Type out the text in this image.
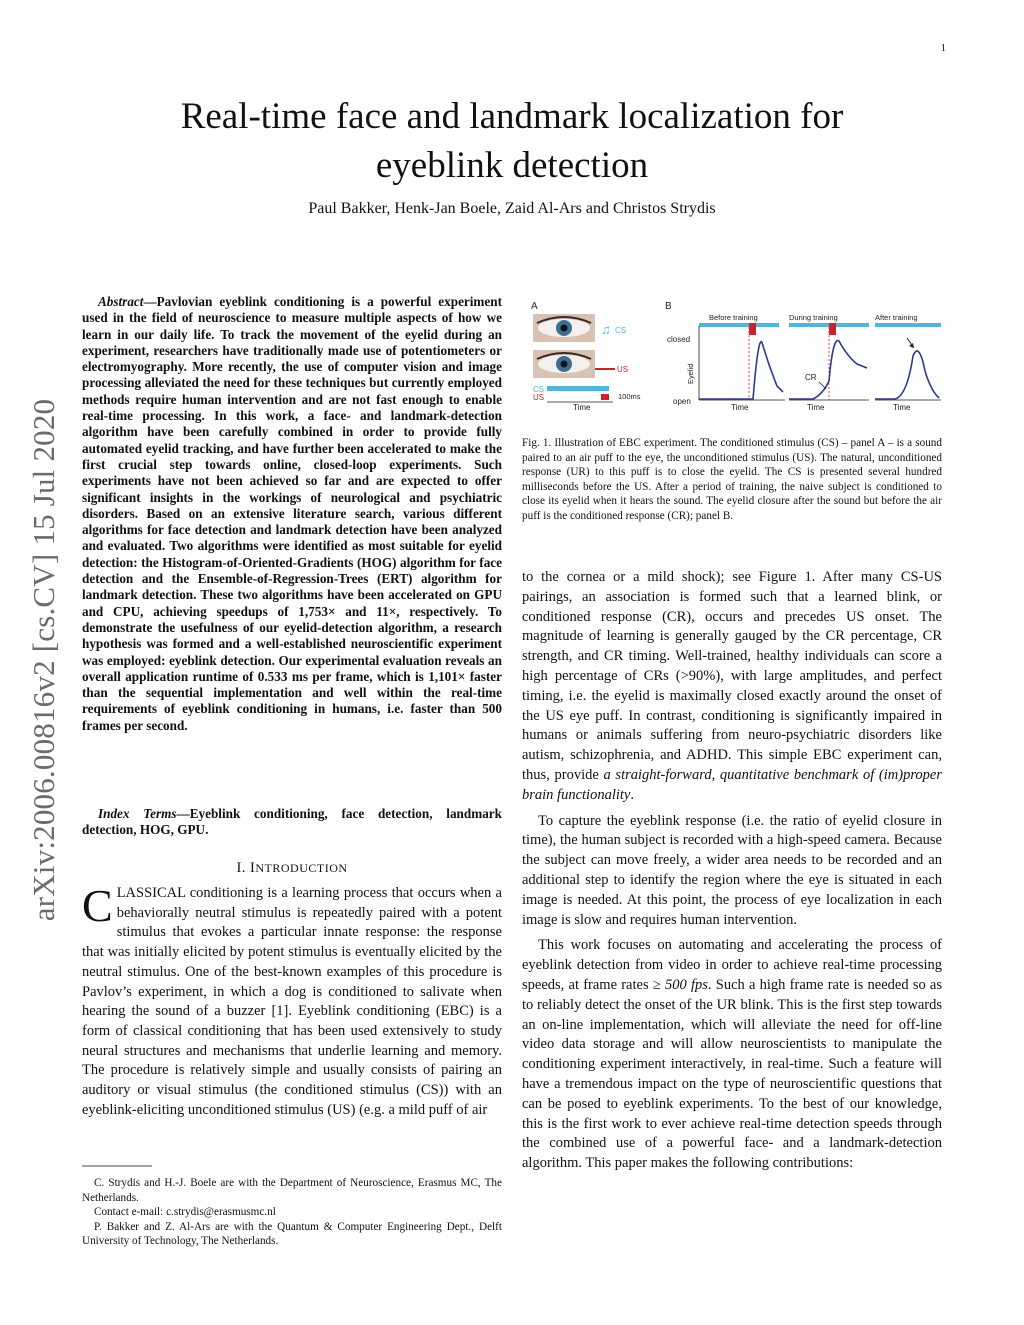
1
arXiv:2006.00816v2 [cs.CV] 15 Jul 2020
Real-time face and landmark localization for
eyeblink detection
Paul Bakker, Henk-Jan Boele, Zaid Al-Ars and Christos Strydis
Abstract—Pavlovian eyeblink conditioning is a powerful experiment used in the field of neuroscience to measure multiple aspects of how we learn in our daily life. To track the movement of the eyelid during an experiment, researchers have traditionally made use of potentiometers or electromyography. More recently, the use of computer vision and image processing alleviated the need for these techniques but currently employed methods require human intervention and are not fast enough to enable real-time processing. In this work, a face- and landmark-detection algorithm have been carefully combined in order to provide fully automated eyelid tracking, and have further been accelerated to make the first crucial step towards online, closed-loop experiments. Such experiments have not been achieved so far and are expected to offer significant insights in the workings of neurological and psychiatric disorders. Based on an extensive literature search, various different algorithms for face detection and landmark detection have been analyzed and evaluated. Two algorithms were identified as most suitable for eyelid detection: the Histogram-of-Oriented-Gradients (HOG) algorithm for face detection and the Ensemble-of-Regression-Trees (ERT) algorithm for landmark detection. These two algorithms have been accelerated on GPU and CPU, achieving speedups of 1,753× and 11×, respectively. To demonstrate the usefulness of our eyelid-detection algorithm, a research hypothesis was formed and a well-established neuroscientific experiment was employed: eyeblink detection. Our experimental evaluation reveals an overall application runtime of 0.533 ms per frame, which is 1,101× faster than the sequential implementation and well within the real-time requirements of eyeblink conditioning in humans, i.e. faster than 500 frames per second.
Index Terms—Eyeblink conditioning, face detection, landmark detection, HOG, GPU.
I. INTRODUCTION
CLASSICAL conditioning is a learning process that occurs when a behaviorally neutral stimulus is repeatedly paired with a potent stimulus that evokes a particular innate response: the response that was initially elicited by potent stimulus is eventually elicited by the neutral stimulus. One of the best-known examples of this procedure is Pavlov’s experiment, in which a dog is conditioned to salivate when hearing the sound of a buzzer [1]. Eyeblink conditioning (EBC) is a form of classical conditioning that has been used extensively to study neural structures and mechanisms that underlie learning and memory. The procedure is relatively simple and usually consists of pairing an auditory or visual stimulus (the conditioned stimulus (CS)) with an eyeblink-eliciting unconditioned stimulus (US) (e.g. a mild puff of air

C. Strydis and H.-J. Boele are with the Department of Neuroscience, Erasmus MC, The Netherlands.

Contact e-mail: c.strydis@erasmusmc.nl

P. Bakker and Z. Al-Ars are with the Quantum & Computer Engineering Dept., Delft University of Technology, The Netherlands.

A
♫ CS
US
CS
US
Time
100ms
B
closed
open
Eyelid
Before training
Time
During training
CR
Time
After training
Time
Fig. 1. Illustration of EBC experiment. The conditioned stimulus (CS) – panel A – is a sound paired to an air puff to the eye, the unconditioned stimulus (US). The natural, unconditioned response (UR) to this puff is to close the eyelid. The CS is presented several hundred milliseconds before the US. After a period of training, the naive subject is conditioned to close its eyelid when it hears the sound. The eyelid closure after the sound but before the air puff is the conditioned response (CR); panel B.

to the cornea or a mild shock); see Figure 1. After many CS-US pairings, an association is formed such that a learned blink, or conditioned response (CR), occurs and precedes US onset. The magnitude of learning is generally gauged by the CR percentage, CR strength, and CR timing. Well-trained, healthy individuals can score a high percentage of CRs (>90%), with large amplitudes, and perfect timing, i.e. the eyelid is maximally closed exactly around the onset of the US eye puff. In contrast, conditioning is significantly impaired in humans or animals suffering from neuro-psychiatric disorders like autism, schizophrenia, and ADHD. This simple EBC experiment can, thus, provide a straight-forward, quantitative benchmark of (im)proper brain functionality.

To capture the eyeblink response (i.e. the ratio of eyelid closure in time), the human subject is recorded with a high-speed camera. Because the subject can move freely, a wider area needs to be recorded and an additional step to identify the region where the eye is situated in each image is needed. At this point, the process of eye localization in each image is slow and requires human intervention.

This work focuses on automating and accelerating the process of eyeblink detection from video in order to achieve real-time processing speeds, at frame rates ≥ 500 fps. Such a high frame rate is needed so as to reliably detect the onset of the UR blink. This is the first step towards an on-line implementation, which will alleviate the need for off-line video data storage and will allow neuroscientists to manipulate the conditioning experiment interactively, in real-time. Such a feature will have a tremendous impact on the type of neuroscientific questions that can be posed to eyeblink experiments. To the best of our knowledge, this is the first work to ever achieve real-time detection speeds through the combined use of a powerful face- and a landmark-detection algorithm. This paper makes the following contributions:
